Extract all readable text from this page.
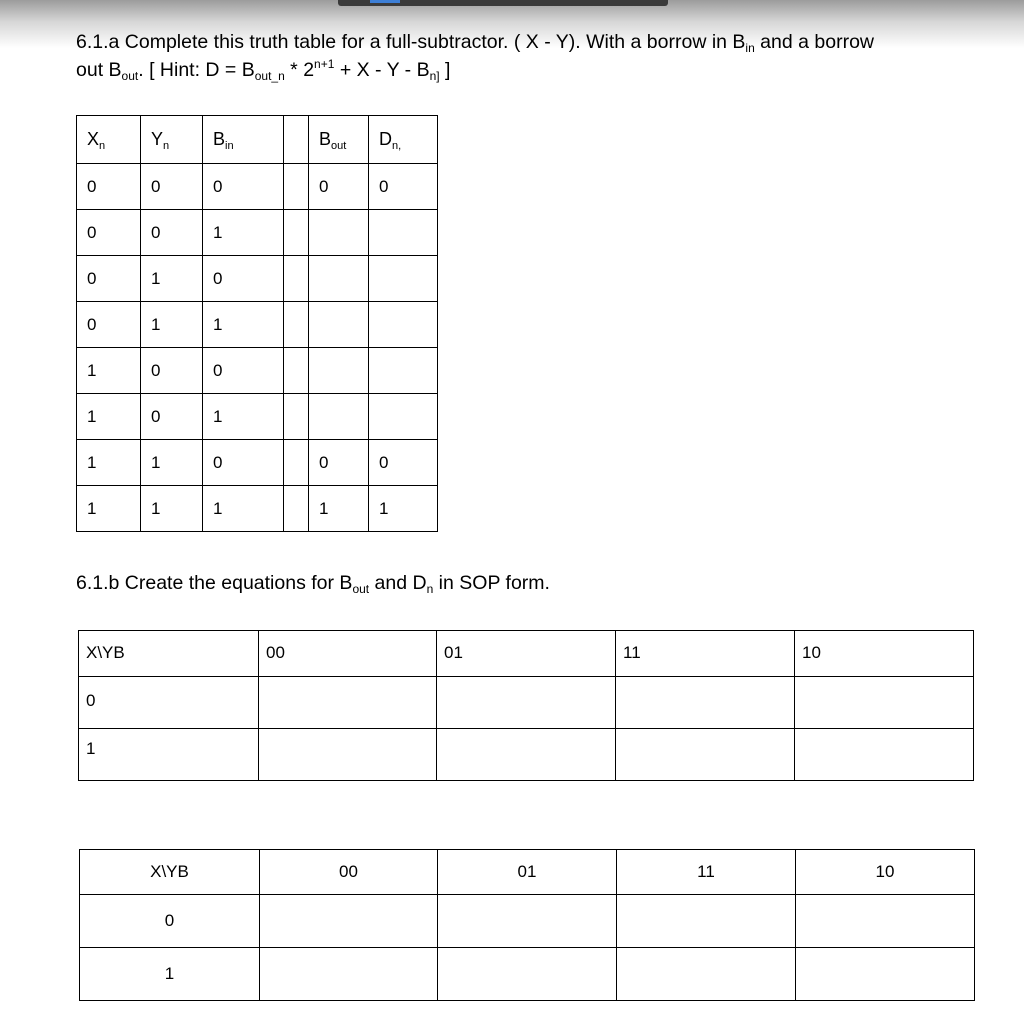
6.1.a Complete this truth table for a full-subtractor. ( X - Y). With a borrow in $B_{in}$ and a borrow
out $B_{out}$. [ Hint: $D = B_{out\_n} * 2^{n+1} + X - Y - B_{n]}$ ]
$X_n$	$Y_n$	$B_{in}$		$B_{out}$	$D_{n,}$
0	0	0		0	0
0	0	1			
0	1	0			
0	1	1			
1	0	0			
1	0	1			
1	1	0		0	0
1	1	1		1	1
6.1.b Create the equations for $B_{out}$ and $D_n$ in SOP form.
X\YB	00	01	11	10
0				
1				
X\YB	00	01	11	10
0				
1				
